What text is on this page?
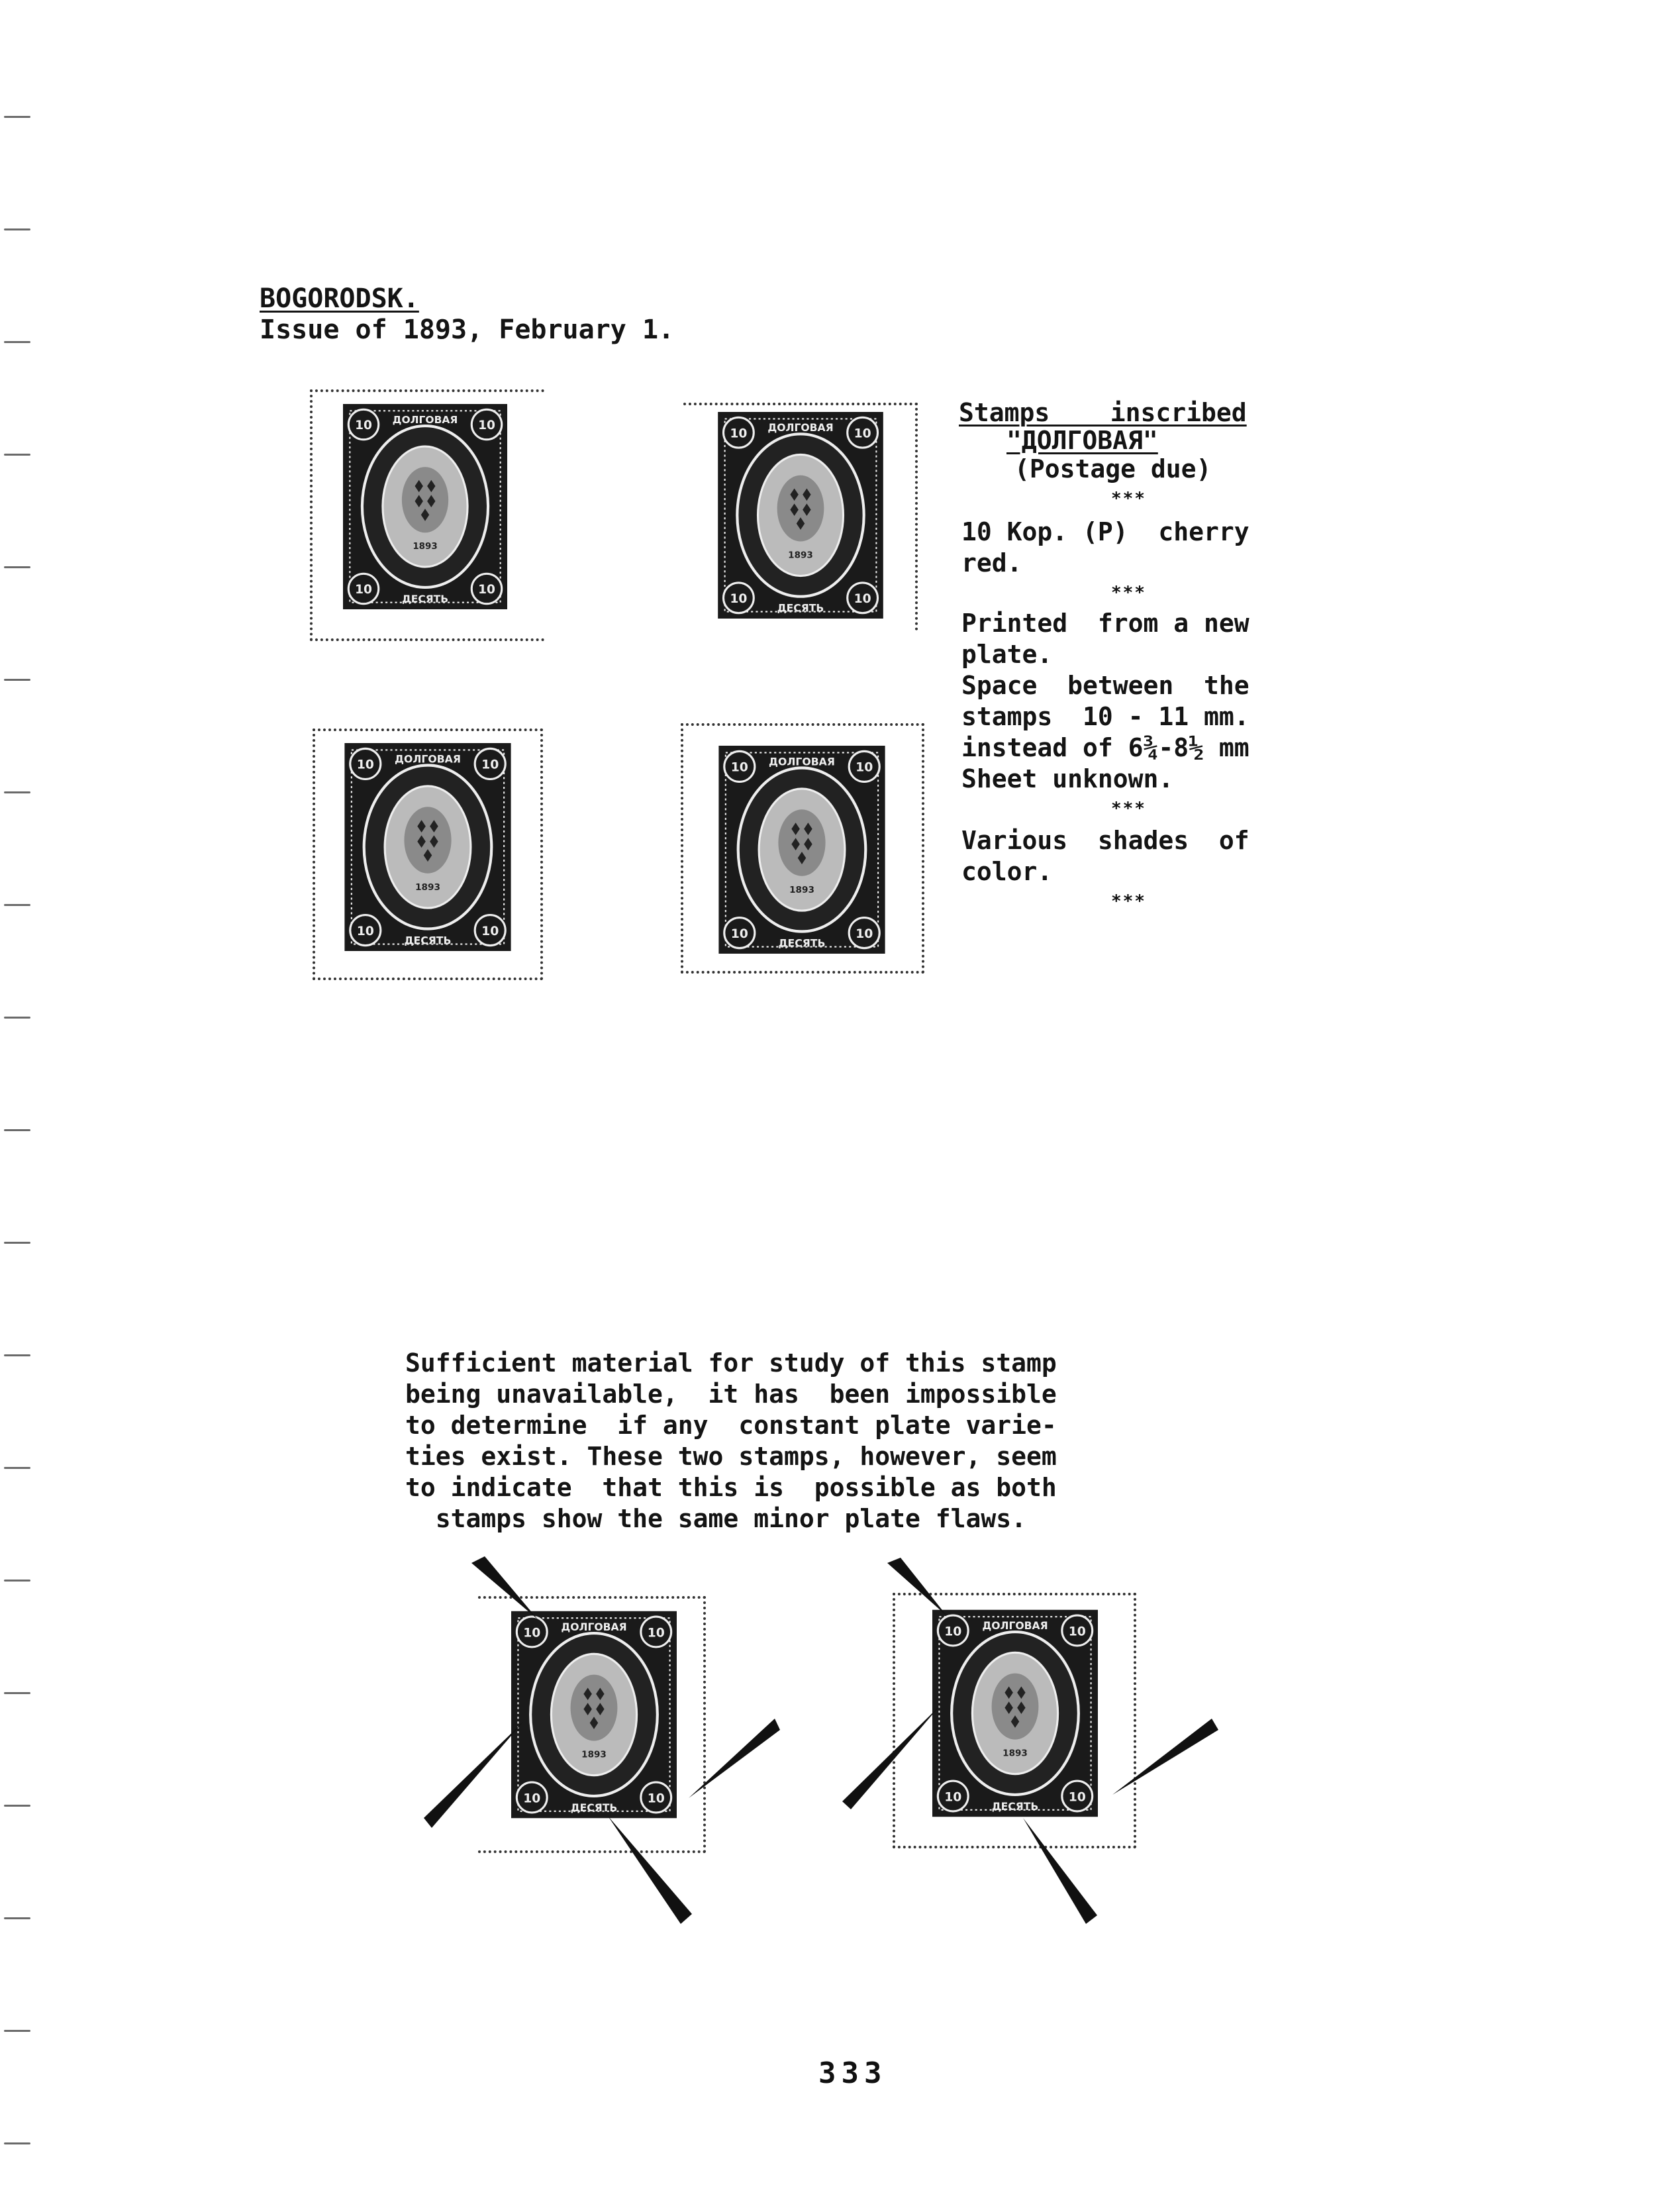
BOGORODSK.
Issue of 1893, February 1.
Stamps    inscribed
"ДОЛГОВАЯ"
(Postage due)
***
10 Kop. (P)  cherry
red.
***
Printed  from a new
plate.
Space  between  the
stamps  10 - 11 mm.
instead of 6¾-8½ mm
Sheet unknown.
***
Various  shades  of
color.
***
10	10
10	10
ДОЛГОВАЯ
ДЕСЯТЬ
1893
10	10
10	10
ДОЛГОВАЯ
ДЕСЯТЬ
1893
10	10
10	10
ДОЛГОВАЯ
ДЕСЯТЬ
1893
10	10
10	10
ДОЛГОВАЯ
ДЕСЯТЬ
1893
Sufficient material for study of this stamp
being unavailable,  it has  been impossible
to determine  if any  constant plate varie-
ties exist. These two stamps, however, seem
to indicate  that this is  possible as both
stamps show the same minor plate flaws.
10	10
10	10
ДОЛГОВАЯ
ДЕСЯТЬ
1893
10	10
10	10
ДОЛГОВАЯ
ДЕСЯТЬ
1893
333
